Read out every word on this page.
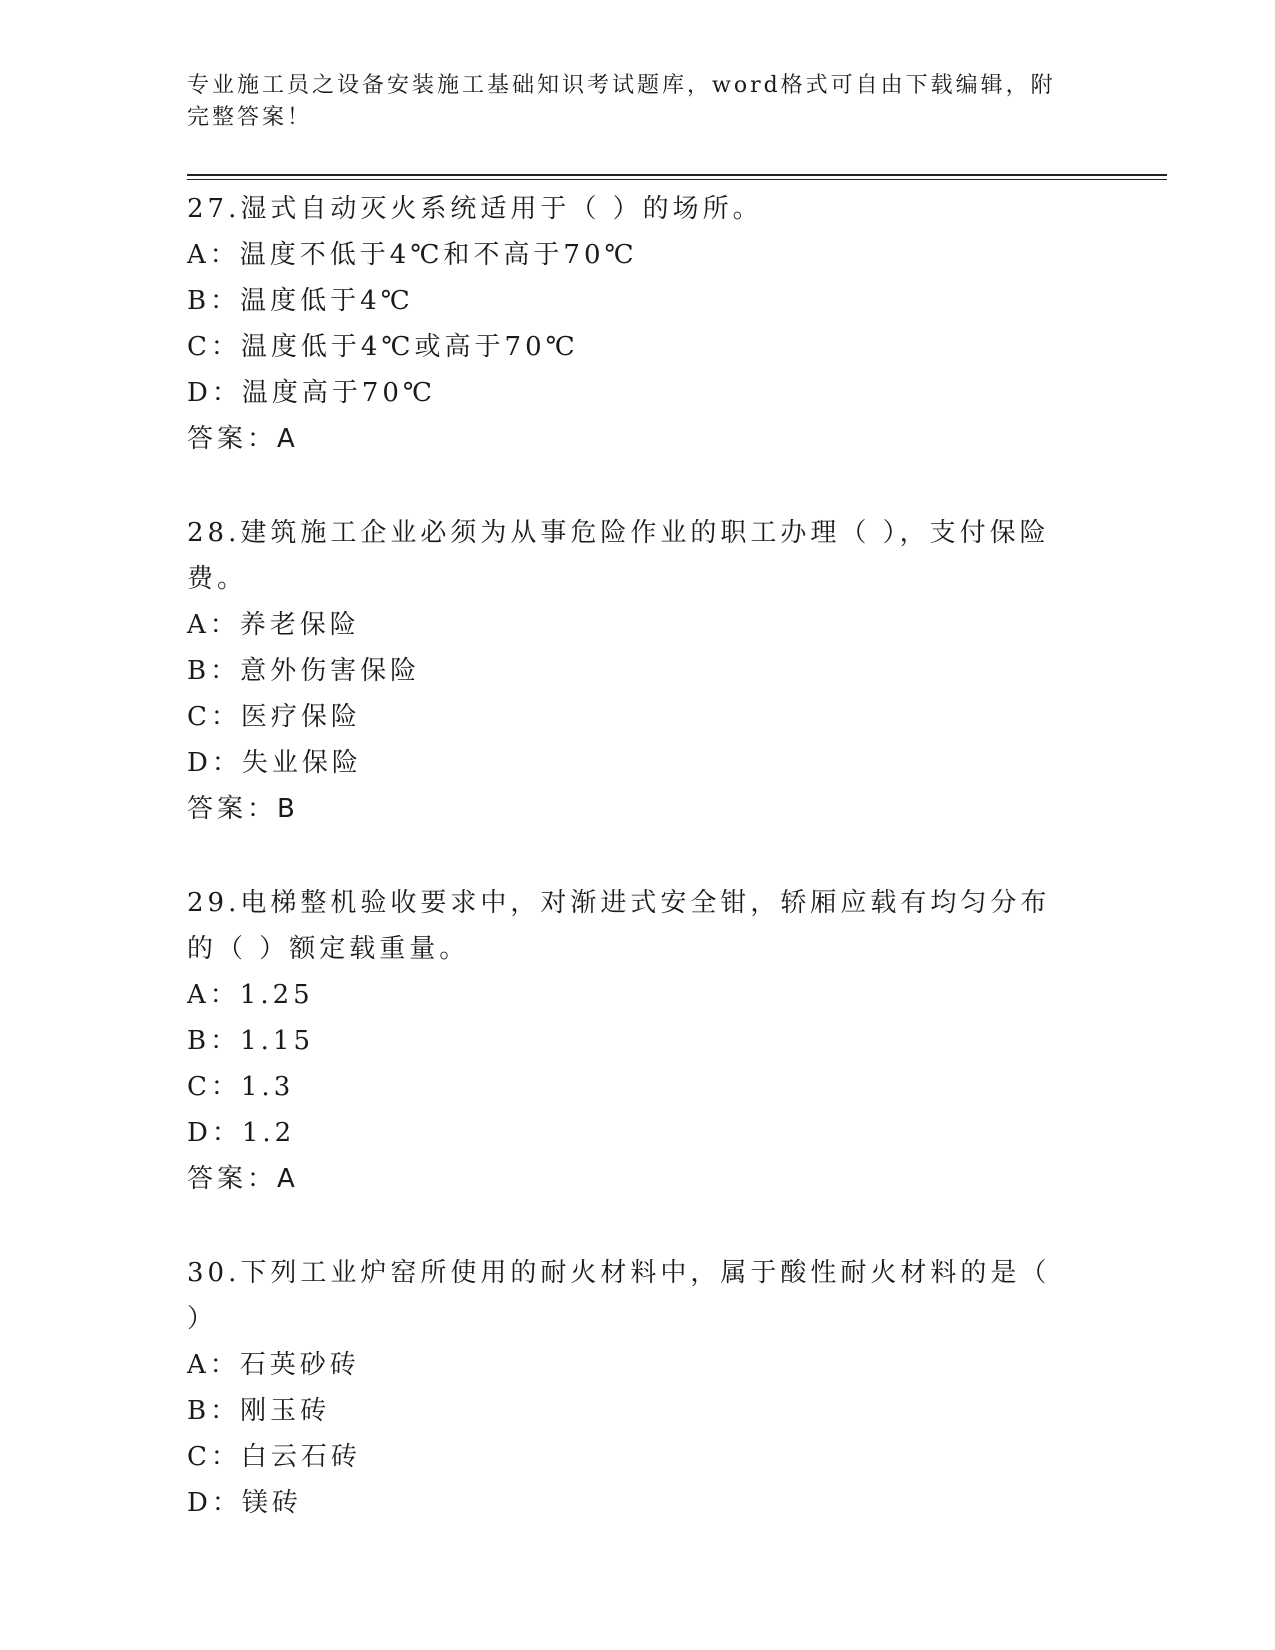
专业施工员之设备安装施工基础知识考试题库，word格式可自由下载编辑，附完整答案！

27.湿式自动灭火系统适用于（ ）的场所。

A：温度不低于4℃和不高于70℃

B：温度低于4℃

C：温度低于4℃或高于70℃

D：温度高于70℃

答案：A

28.建筑施工企业必须为从事危险作业的职工办理（ ），支付保险费。

A：养老保险

B：意外伤害保险

C：医疗保险

D：失业保险

答案：B

29.电梯整机验收要求中，对渐进式安全钳，轿厢应载有均匀分布的（ ）额定载重量。

A：1.25

B：1.15

C：1.3

D：1.2

答案：A

30.下列工业炉窑所使用的耐火材料中，属于酸性耐火材料的是（ ）

A：石英砂砖

B：刚玉砖

C：白云石砖

D：镁砖
